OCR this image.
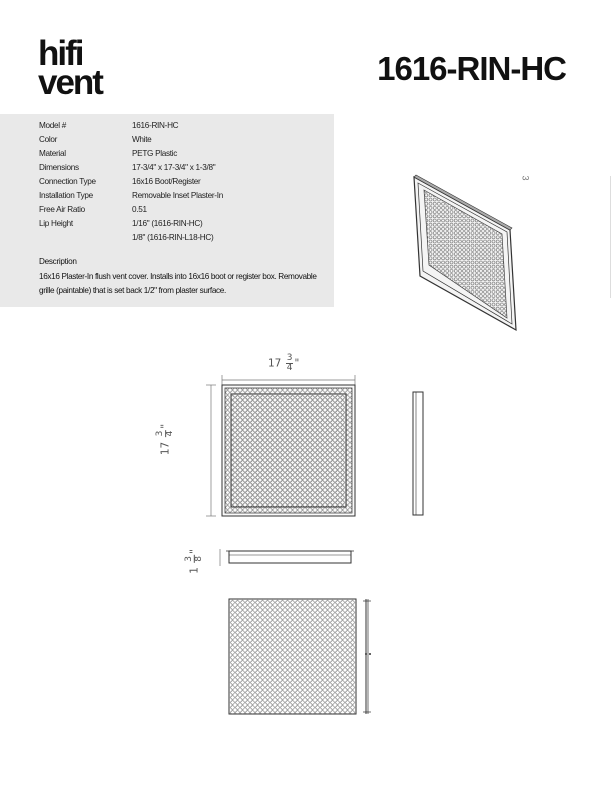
hifi
vent	1616-RIN-HC
Model #	1616-RIN-HC
Color	White
Material	PETG Plastic
Dimensions	17-3/4" x 17-3/4" x 1-3/8"
Connection Type	16x16 Boot/Register
Installation Type	Removable Inset Plaster-In
Free Air Ratio	0.51
Lip Height	1/16" (1616-RIN-HC)
1/8" (1616-RIN-L18-HC)
Description
16x16 Plaster-In flush vent cover. Installs into 16x16 boot or register box. Removable grille (paintable) that is set back 1/2" from plaster surface.
3
$17 \frac{3}{4}$ "
17
3 4
"
1
3 8
"
